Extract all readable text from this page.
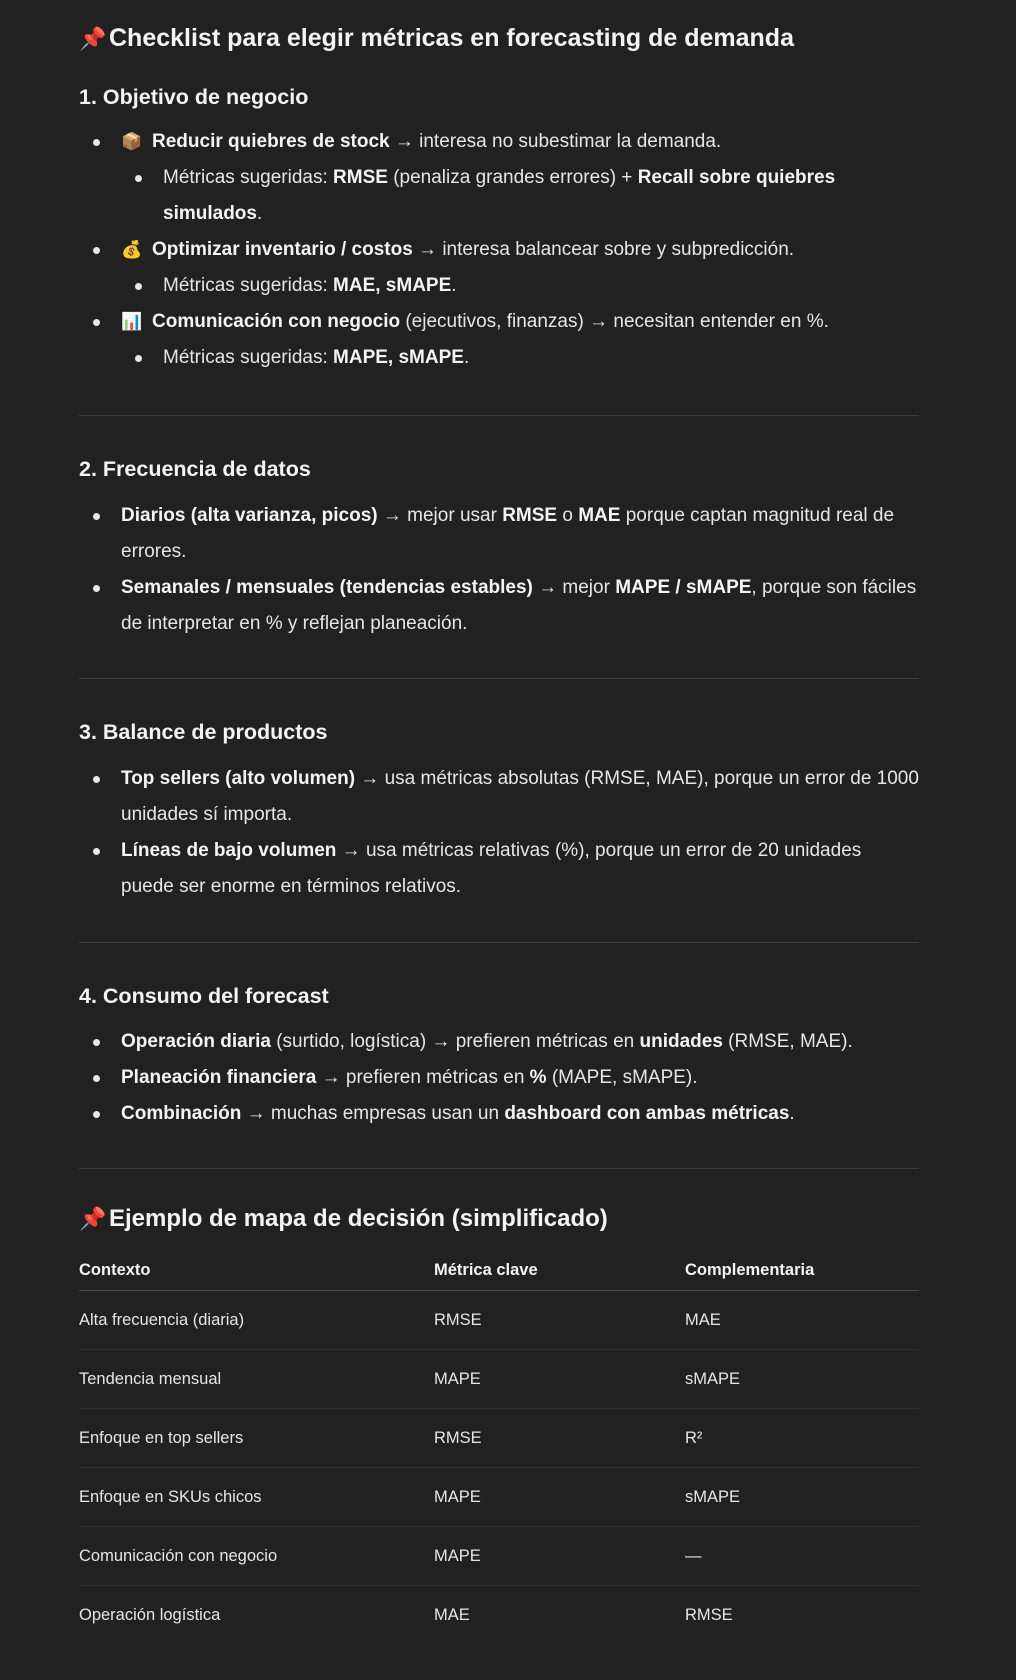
📌 Checklist para elegir métricas en forecasting de demanda
1. Objetivo de negocio
📦 Reducir quiebres de stock → interesa no subestimar la demanda.
Métricas sugeridas: RMSE (penaliza grandes errores) + Recall sobre quiebres simulados.
💰 Optimizar inventario / costos → interesa balancear sobre y subpredicción.
Métricas sugeridas: MAE, sMAPE.
📊 Comunicación con negocio (ejecutivos, finanzas) → necesitan entender en %.
Métricas sugeridas: MAPE, sMAPE.
2. Frecuencia de datos
Diarios (alta varianza, picos) → mejor usar RMSE o MAE porque captan magnitud real de errores.
Semanales / mensuales (tendencias estables) → mejor MAPE / sMAPE, porque son fáciles de interpretar en % y reflejan planeación.
3. Balance de productos
Top sellers (alto volumen) → usa métricas absolutas (RMSE, MAE), porque un error de 1000 unidades sí importa.
Líneas de bajo volumen → usa métricas relativas (%), porque un error de 20 unidades puede ser enorme en términos relativos.
4. Consumo del forecast
Operación diaria (surtido, logística) → prefieren métricas en unidades (RMSE, MAE).
Planeación financiera → prefieren métricas en % (MAPE, sMAPE).
Combinación → muchas empresas usan un dashboard con ambas métricas.
📌 Ejemplo de mapa de decisión (simplificado)
Contexto	Métrica clave	Complementaria
Alta frecuencia (diaria)	RMSE	MAE
Tendencia mensual	MAPE	sMAPE
Enfoque en top sellers	RMSE	R²
Enfoque en SKUs chicos	MAPE	sMAPE
Comunicación con negocio	MAPE	—
Operación logística	MAE	RMSE
